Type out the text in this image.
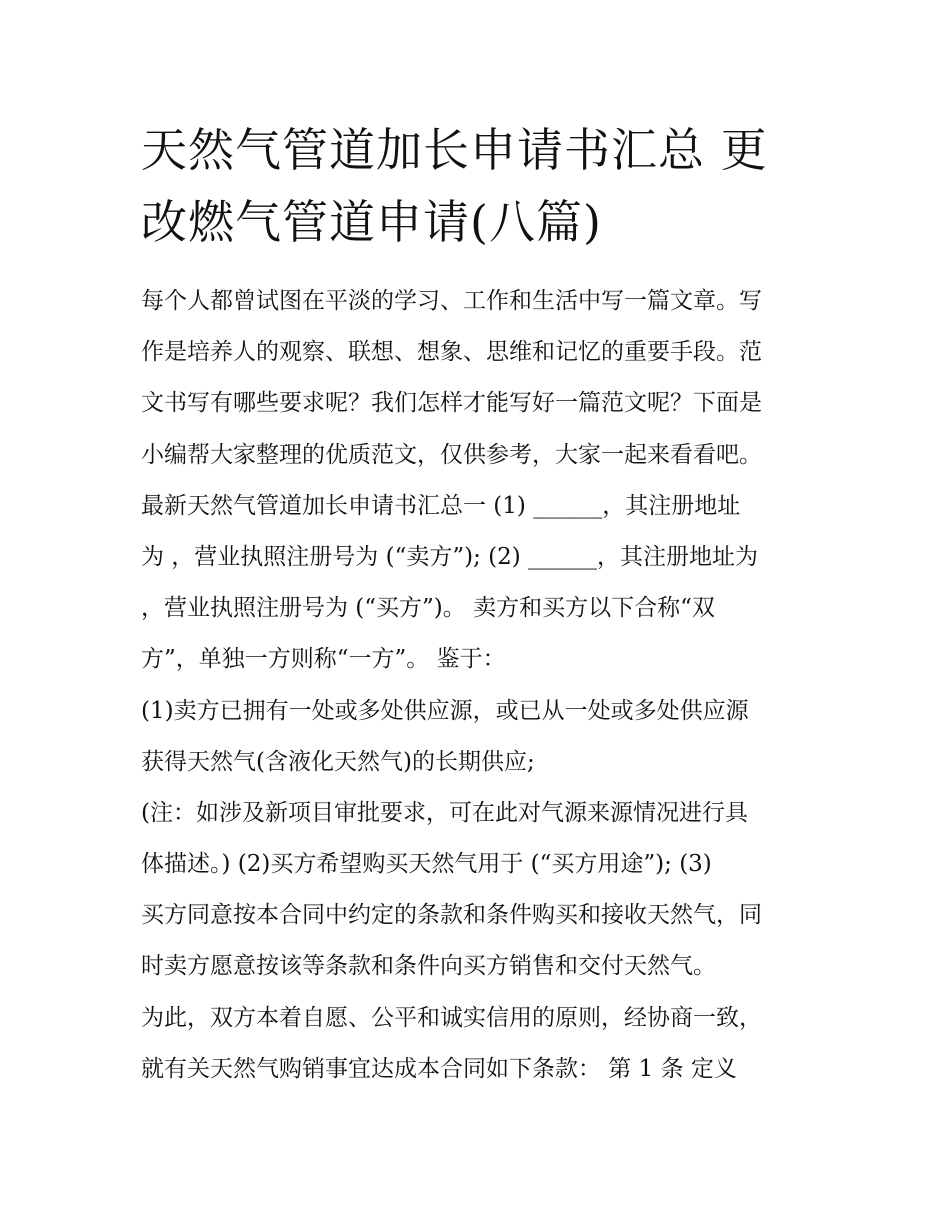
天然气管道加长申请书汇总 更
改燃气管道申请(八篇)
每个人都曾试图在平淡的学习、工作和生活中写一篇文章。写
作是培养人的观察、联想、想象、思维和记忆的重要手段。范
文书写有哪些要求呢？我们怎样才能写好一篇范文呢？下面是
小编帮大家整理的优质范文，仅供参考，大家一起来看看吧。
最新天然气管道加长申请书汇总一 (1) ______，其注册地址
为 ，营业执照注册号为 (“卖方”); (2) ______，其注册地址为
，营业执照注册号为 (“买方”)。 卖方和买方以下合称“双
方”，单独一方则称“一方”。 鉴于：
(1)卖方已拥有一处或多处供应源，或已从一处或多处供应源
获得天然气(含液化天然气)的长期供应;
(注：如涉及新项目审批要求，可在此对气源来源情况进行具
体描述。) (2)买方希望购买天然气用于 (“买方用途”); (3)
买方同意按本合同中约定的条款和条件购买和接收天然气，同
时卖方愿意按该等条款和条件向买方销售和交付天然气。
为此，双方本着自愿、公平和诚实信用的原则，经协商一致，
就有关天然气购销事宜达成本合同如下条款： 第 1 条 定义
